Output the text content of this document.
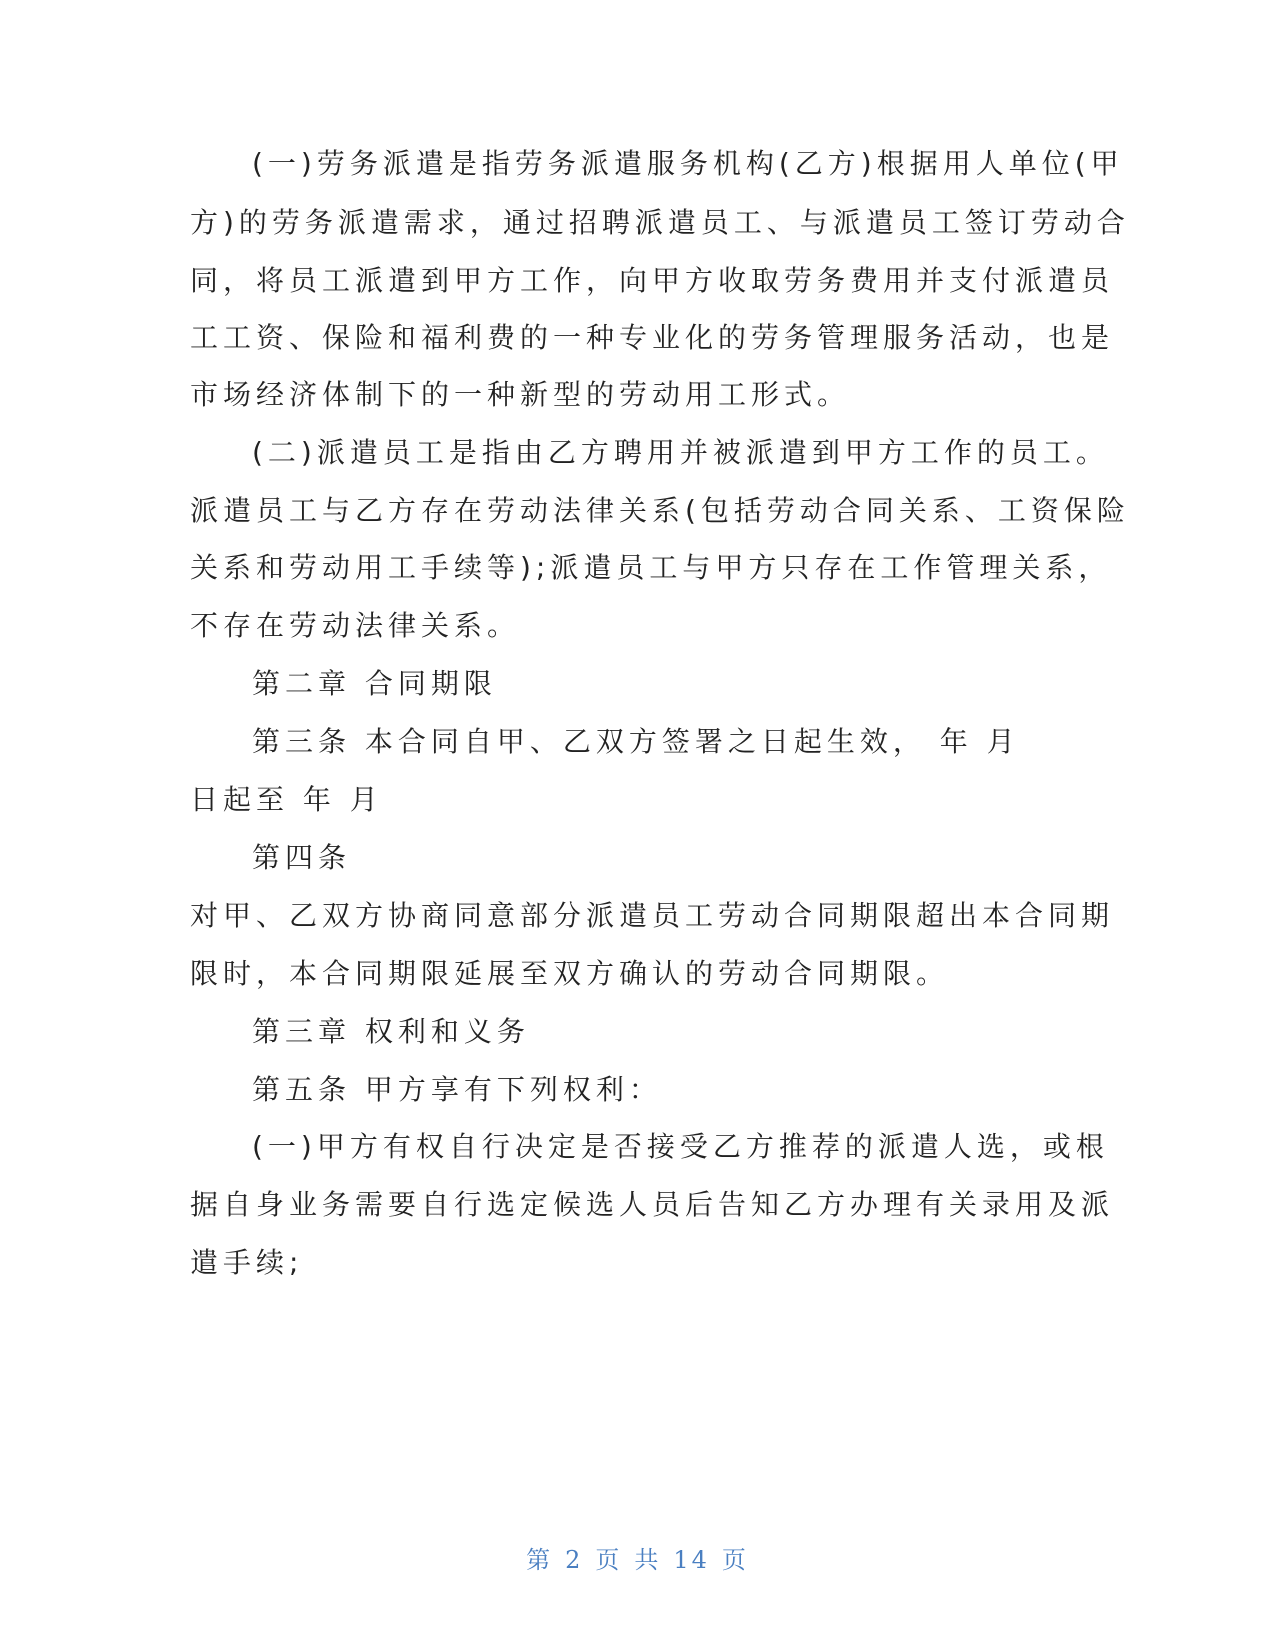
(一)劳务派遣是指劳务派遣服务机构(乙方)根据用人单位(甲
方)的劳务派遣需求，通过招聘派遣员工、与派遣员工签订劳动合
同，将员工派遣到甲方工作，向甲方收取劳务费用并支付派遣员
工工资、保险和福利费的一种专业化的劳务管理服务活动，也是
市场经济体制下的一种新型的劳动用工形式。
(二)派遣员工是指由乙方聘用并被派遣到甲方工作的员工。
派遣员工与乙方存在劳动法律关系(包括劳动合同关系、工资保险
关系和劳动用工手续等);派遣员工与甲方只存在工作管理关系，
不存在劳动法律关系。
第二章 合同期限
第三条 本合同自甲、乙双方签署之日起生效， 年 月
日起至 年 月
第四条
对甲、乙双方协商同意部分派遣员工劳动合同期限超出本合同期
限时，本合同期限延展至双方确认的劳动合同期限。
第三章 权利和义务
第五条 甲方享有下列权利：
(一)甲方有权自行决定是否接受乙方推荐的派遣人选，或根
据自身业务需要自行选定候选人员后告知乙方办理有关录用及派
遣手续;
第 2 页 共 14 页
